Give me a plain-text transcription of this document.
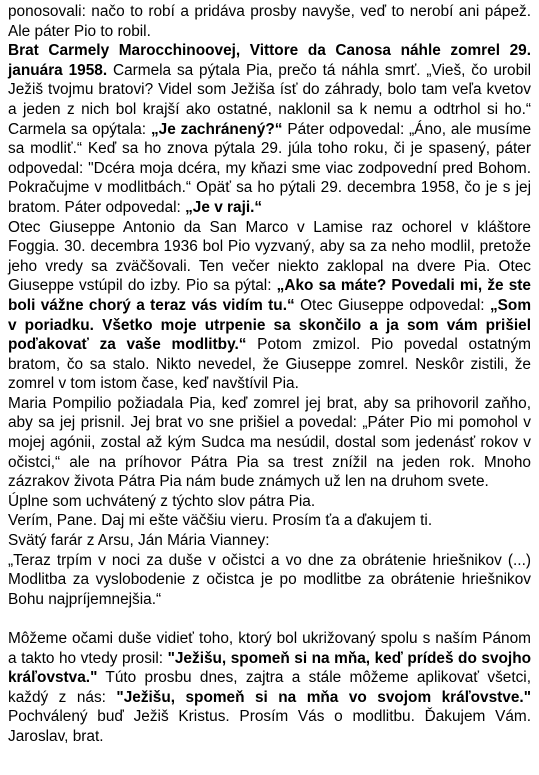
ponosovali: načo to robí a pridáva prosby navyše, veď to nerobí ani pápež. Ale páter Pio to robil.

Brat Carmely Marocchinoovej, Vittore da Canosa náhle zomrel 29. januára 1958. Carmela sa pýtala Pia, prečo tá náhla smrť. „Vieš, čo urobil Ježiš tvojmu bratovi? Videl som Ježiša ísť do záhrady, bolo tam veľa kvetov a jeden z nich bol krajší ako ostatné, naklonil sa k nemu a odtrhol si ho.“ Carmela sa opýtala: „Je zachránený?“ Páter odpovedal: „Áno, ale musíme sa modliť.“ Keď sa ho znova pýtala 29. júla toho roku, či je spasený, páter odpovedal: "Dcéra moja dcéra, my kňazi sme viac zodpovední pred Bohom. Pokračujme v modlitbách.“ Opäť sa ho pýtali 29. decembra 1958, čo je s jej bratom. Páter odpovedal: „Je v raji.“

Otec Giuseppe Antonio da San Marco v Lamise raz ochorel v kláštore Foggia. 30. decembra 1936 bol Pio vyzvaný, aby sa za neho modlil, pretože jeho vredy sa zväčšovali. Ten večer niekto zaklopal na dvere Pia. Otec Giuseppe vstúpil do izby. Pio sa pýtal: „Ako sa máte? Povedali mi, že ste boli vážne chorý a teraz vás vidím tu.“ Otec Giuseppe odpovedal: „Som v poriadku. Všetko moje utrpenie sa skončilo a ja som vám prišiel poďakovať za vaše modlitby.“ Potom zmizol. Pio povedal ostatným bratom, čo sa stalo. Nikto nevedel, že Giuseppe zomrel. Neskôr zistili, že zomrel v tom istom čase, keď navštívil Pia.

Maria Pompilio požiadala Pia, keď zomrel jej brat, aby sa prihovoril zaňho, aby sa jej prisnil. Jej brat vo sne prišiel a povedal: „Páter Pio mi pomohol v mojej agónii, zostal až kým Sudca ma nesúdil, dostal som jedenásť rokov v očistci,“ ale na príhovor Pátra Pia sa trest znížil na jeden rok. Mnoho zázrakov života Pátra Pia nám bude známych už len na druhom svete.

Úplne som uchvátený z týchto slov pátra Pia.

Verím, Pane. Daj mi ešte väčšiu vieru. Prosím ťa a ďakujem ti.

Svätý farár z Arsu, Ján Mária Vianney:

„Teraz trpím v noci za duše v očistci a vo dne za obrátenie hriešnikov (...) Modlitba za vyslobodenie z očistca je po modlitbe za obrátenie hriešnikov Bohu najpríjemnejšia.“

Môžeme očami duše vidieť toho, ktorý bol ukrižovaný spolu s naším Pánom a takto ho vtedy prosil: "Ježišu, spomeň si na mňa, keď prídeš do svojho kráľovstva." Túto prosbu dnes, zajtra a stále môžeme aplikovať všetci, každý z nás: "Ježišu, spomeň si na mňa vo svojom kráľovstve." Pochválený buď Ježiš Kristus. Prosím Vás o modlitbu. Ďakujem Vám. Jaroslav, brat.
